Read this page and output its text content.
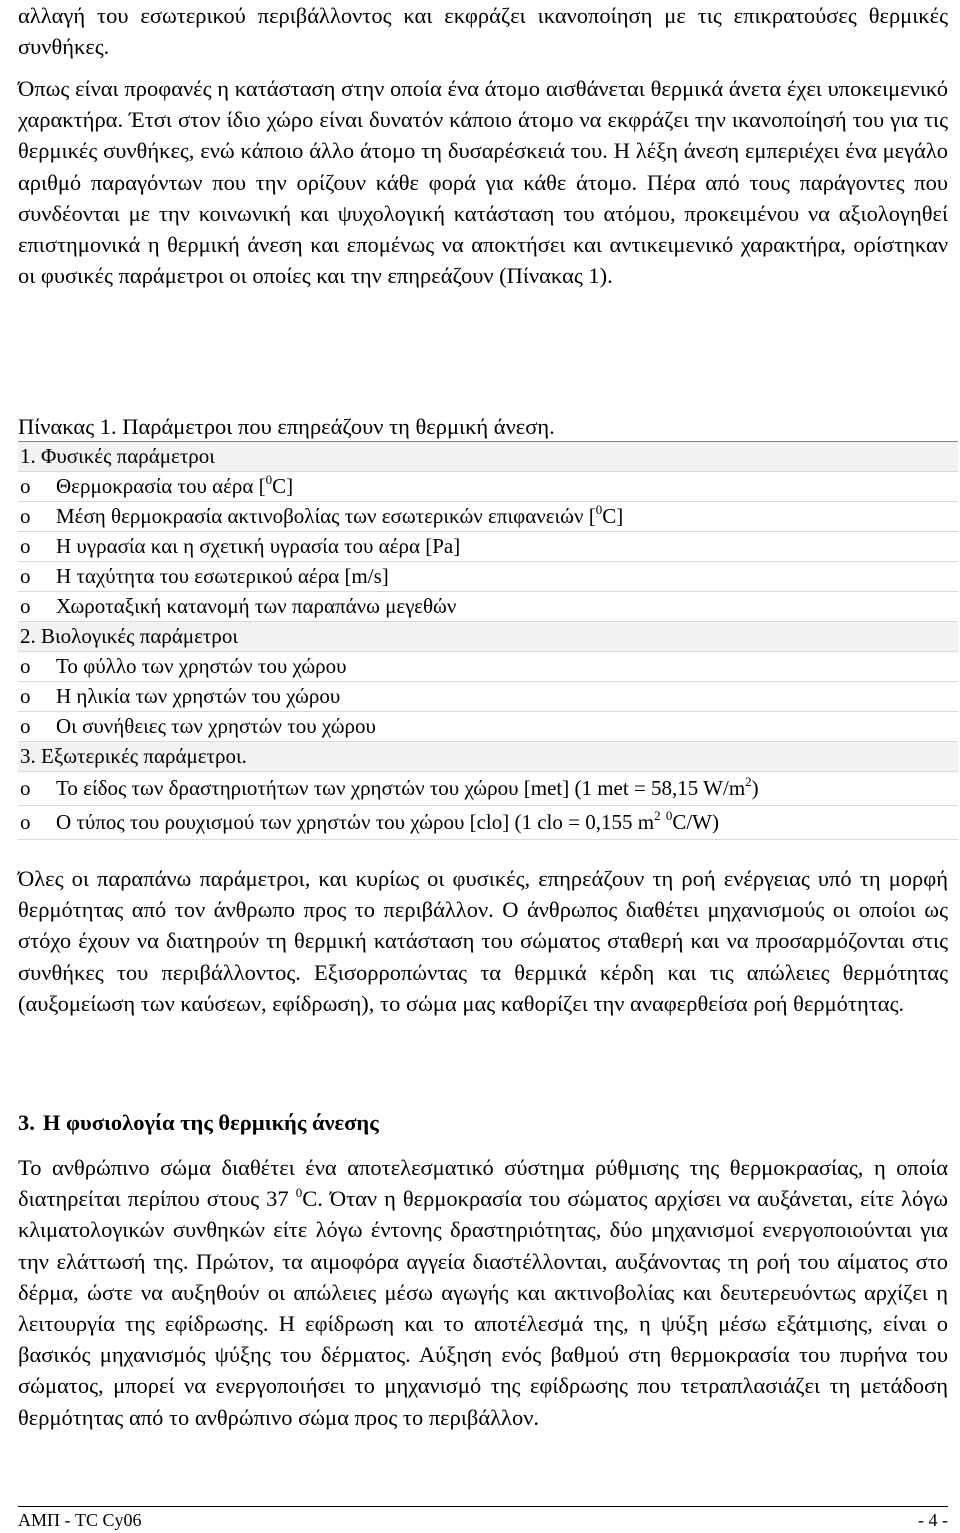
αλλαγή του εσωτερικού περιβάλλοντος και εκφράζει ικανοποίηση με τις επικρατούσες θερμικές συνθήκες.

Όπως είναι προφανές η κατάσταση στην οποία ένα άτομο αισθάνεται θερμικά άνετα έχει υποκειμενικό χαρακτήρα. Έτσι στον ίδιο χώρο είναι δυνατόν κάποιο άτομο να εκφράζει την ικανοποίησή του για τις θερμικές συνθήκες, ενώ κάποιο άλλο άτομο τη δυσαρέσκειά του. Η λέξη άνεση εμπεριέχει ένα μεγάλο αριθμό παραγόντων που την ορίζουν κάθε φορά για κάθε άτομο. Πέρα από τους παράγοντες που συνδέονται με την κοινωνική και ψυχολογική κατάσταση του ατόμου, προκειμένου να αξιολογηθεί επιστημονικά η θερμική άνεση και επομένως να αποκτήσει και αντικειμενικό χαρακτήρα, ορίστηκαν οι φυσικές παράμετροι οι οποίες και την επηρεάζουν (Πίνακας 1).

Πίνακας 1. Παράμετροι που επηρεάζουν τη θερμική άνεση.

1. Φυσικές παράμετροι	
o	Θερμοκρασία του αέρα [$^0$C]
o	Μέση θερμοκρασία ακτινοβολίας των εσωτερικών επιφανειών [$^0$C]
o	Η υγρασία και η σχετική υγρασία του αέρα [Pa]
o	Η ταχύτητα του εσωτερικού αέρα [m/s]
o	Χωροταξική κατανομή των παραπάνω μεγεθών
2. Βιολογικές παράμετροι	
o	Το φύλλο των χρηστών του χώρου
o	Η ηλικία των χρηστών του χώρου
o	Οι συνήθειες των χρηστών του χώρου
3. Εξωτερικές παράμετροι.	
o	Το είδος των δραστηριοτήτων των χρηστών του χώρου [met] (1 met = 58,15 $W/m^2$)
o	Ο τύπος του ρουχισμού των χρηστών του χώρου [clo] (1 clo = 0,155 $m^2$ $^0$C/W)

Όλες οι παραπάνω παράμετροι, και κυρίως οι φυσικές, επηρεάζουν τη ροή ενέργειας υπό τη μορφή θερμότητας από τον άνθρωπο προς το περιβάλλον. Ο άνθρωπος διαθέτει μηχανισμούς οι οποίοι ως στόχο έχουν να διατηρούν τη θερμική κατάσταση του σώματος σταθερή και να προσαρμόζονται στις συνθήκες του περιβάλλοντος. Εξισορροπώντας τα θερμικά κέρδη και τις απώλειες θερμότητας (αυξομείωση των καύσεων, εφίδρωση), το σώμα μας καθορίζει την αναφερθείσα ροή θερμότητας.

3. Η φυσιολογία της θερμικής άνεσης

Το ανθρώπινο σώμα διαθέτει ένα αποτελεσματικό σύστημα ρύθμισης της θερμοκρασίας, η οποία διατηρείται περίπου στους 37 $^0$C. Όταν η θερμοκρασία του σώματος αρχίσει να αυξάνεται, είτε λόγω κλιματολογικών συνθηκών είτε λόγω έντονης δραστηριότητας, δύο μηχανισμοί ενεργοποιούνται για την ελάττωσή της. Πρώτον, τα αιμοφόρα αγγεία διαστέλλονται, αυξάνοντας τη ροή του αίματος στο δέρμα, ώστε να αυξηθούν οι απώλειες μέσω αγωγής και ακτινοβολίας και δευτερευόντως αρχίζει η λειτουργία της εφίδρωσης. Η εφίδρωση και το αποτέλεσμά της, η ψύξη μέσω εξάτμισης, είναι ο βασικός μηχανισμός ψύξης του δέρματος. Αύξηση ενός βαθμού στη θερμοκρασία του πυρήνα του σώματος, μπορεί να ενεργοποιήσει το μηχανισμό της εφίδρωσης που τετραπλασιάζει τη μετάδοση θερμότητας από το ανθρώπινο σώμα προς το περιβάλλον.

ΑΜΠ - TC Cy06	- 4 -
